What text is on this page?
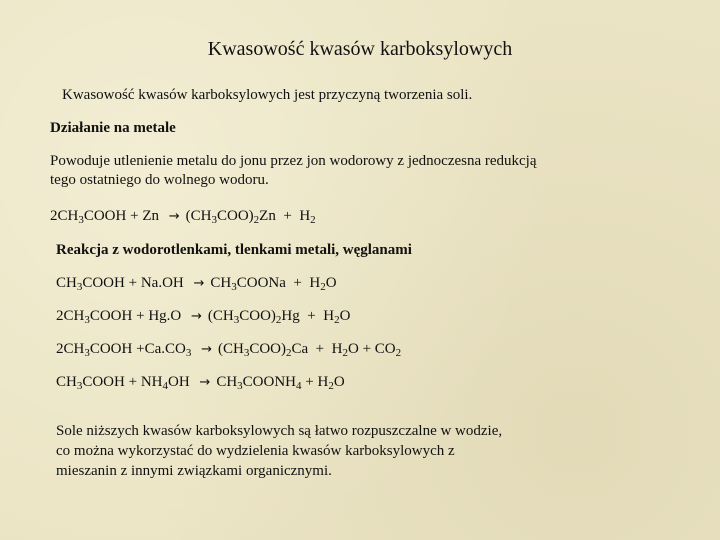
Kwasowość kwasów karboksylowych
Kwasowość kwasów karboksylowych jest przyczyną tworzenia soli.
Działanie na metale
Powoduje utlenienie metalu do jonu przez jon wodorowy z jednoczesna redukcją
tego ostatniego do wolnego wodoru.
$2CH_3COOH + Zn \to (CH_3COO)_2Zn + H_2$
Reakcja z wodorotlenkami, tlenkami metali, węglanami
$CH_3COOH + Na.OH$ → $CH_3COONa + H_2O$
$2CH_3COOH + Hg.O \to (CH_3COO)_2Hg + H_2O$
$2CH_3COOH +Ca.CO_3 \to (CH_3COO)_2Ca + H_2O + CO_2$
$CH_3COOH + NH_4OH$ → $CH_3COONH_4 + H_2O$
Sole niższych kwasów karboksylowych są łatwo rozpuszczalne w wodzie,
co można wykorzystać do wydzielenia kwasów karboksylowych z
mieszanin z innymi związkami organicznymi.
